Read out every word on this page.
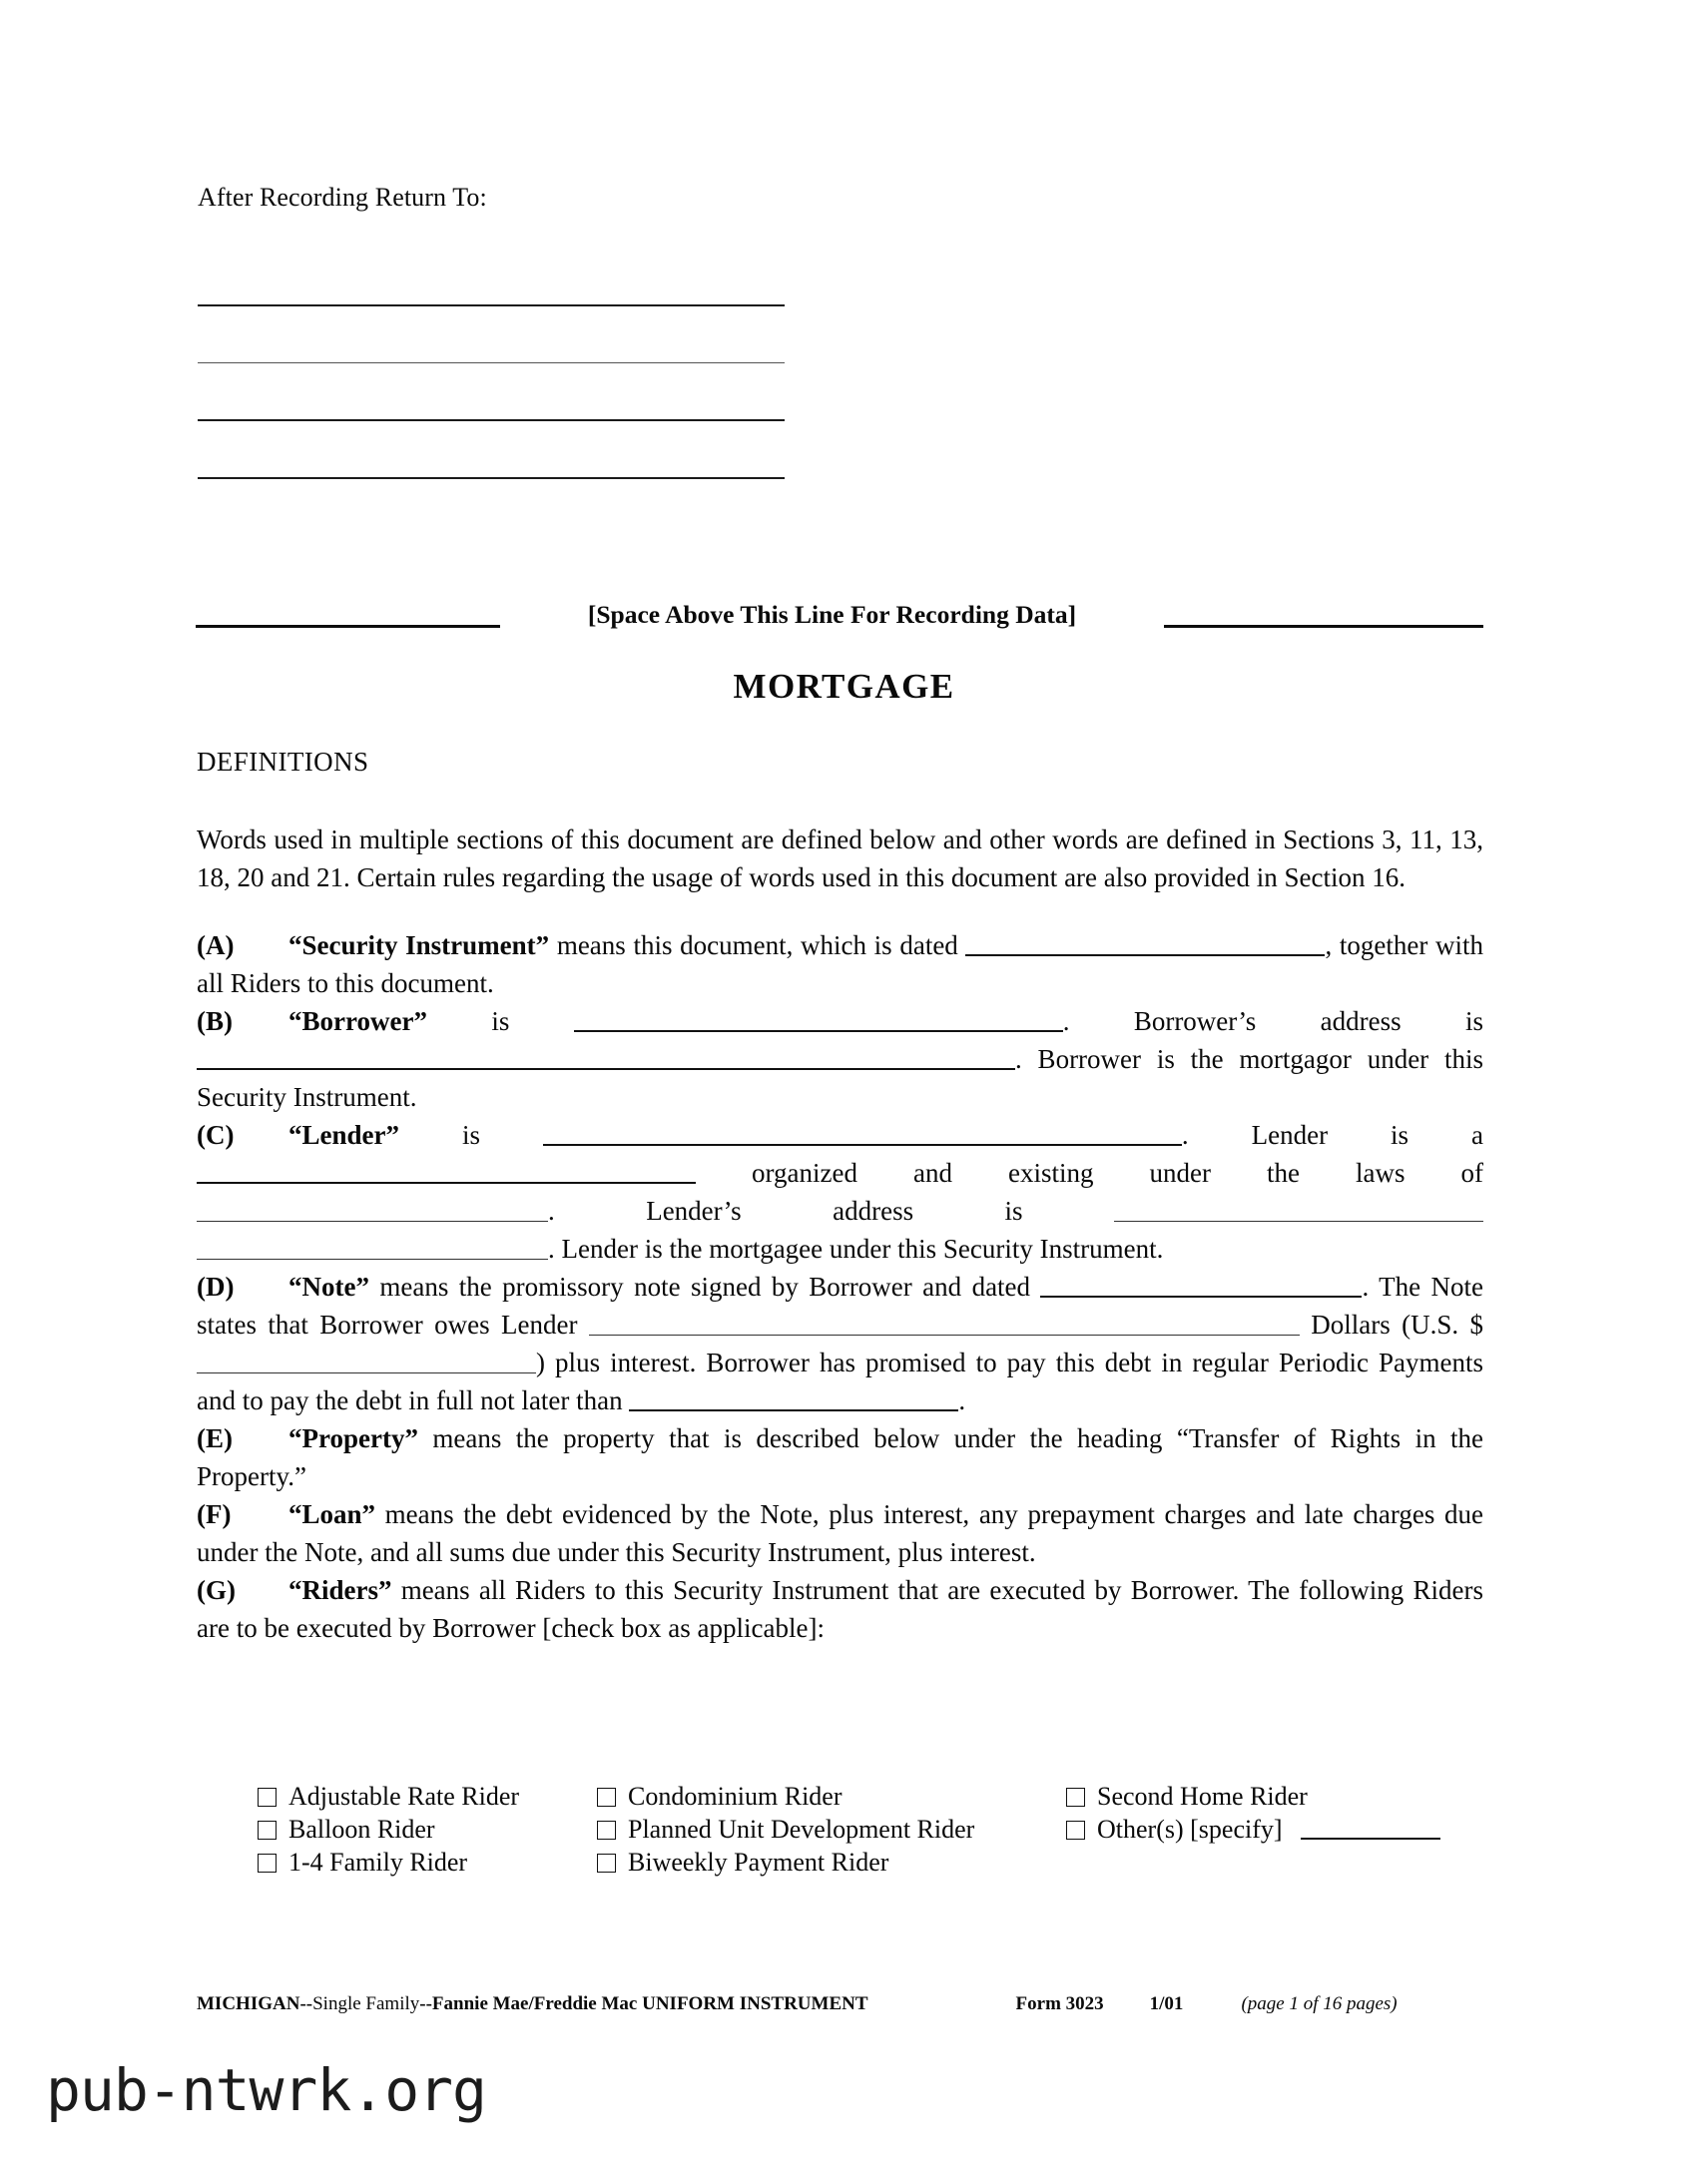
After Recording Return To:
[Space Above This Line For Recording Data]
MORTGAGE
DEFINITIONS

Words used in multiple sections of this document are defined below and other words are defined in Sections 3, 11, 13, 18, 20 and 21. Certain rules regarding the usage of words used in this document are also provided in Section 16.

(A) “Security Instrument” means this document, which is dated	, together with all Riders to this document.

(B) “Borrower” is	. Borrower’s address is . Borrower is the mortgagor under this Security Instrument.

(C) “Lender” is	. Lender is a  organized and existing under the laws of . Lender’s address is . Lender is the mortgagee under this Security Instrument.

(D) “Note” means the promissory note signed by Borrower and dated	. The Note states that Borrower owes Lender	Dollars (U.S. $) plus interest. Borrower has promised to pay this debt in regular Periodic Payments and to pay the debt in full not later than	.

(E) “Property” means the property that is described below under the heading “Transfer of Rights in the Property.”

(F) “Loan” means the debt evidenced by the Note, plus interest, any prepayment charges and late charges due under the Note, and all sums due under this Security Instrument, plus interest.

(G) “Riders” means all Riders to this Security Instrument that are executed by Borrower. The following Riders are to be executed by Borrower [check box as applicable]:

Adjustable Rate Rider	Condominium Rider	Second Home Rider
Balloon Rider	Planned Unit Development Rider	Other(s) [specify]
1-4 Family Rider	Biweekly Payment Rider
MICHIGAN--Single Family--Fannie Mae/Freddie Mac UNIFORM INSTRUMENT	Form 3023 1/01	(page 1 of 16 pages)
pub-ntwrk.org
